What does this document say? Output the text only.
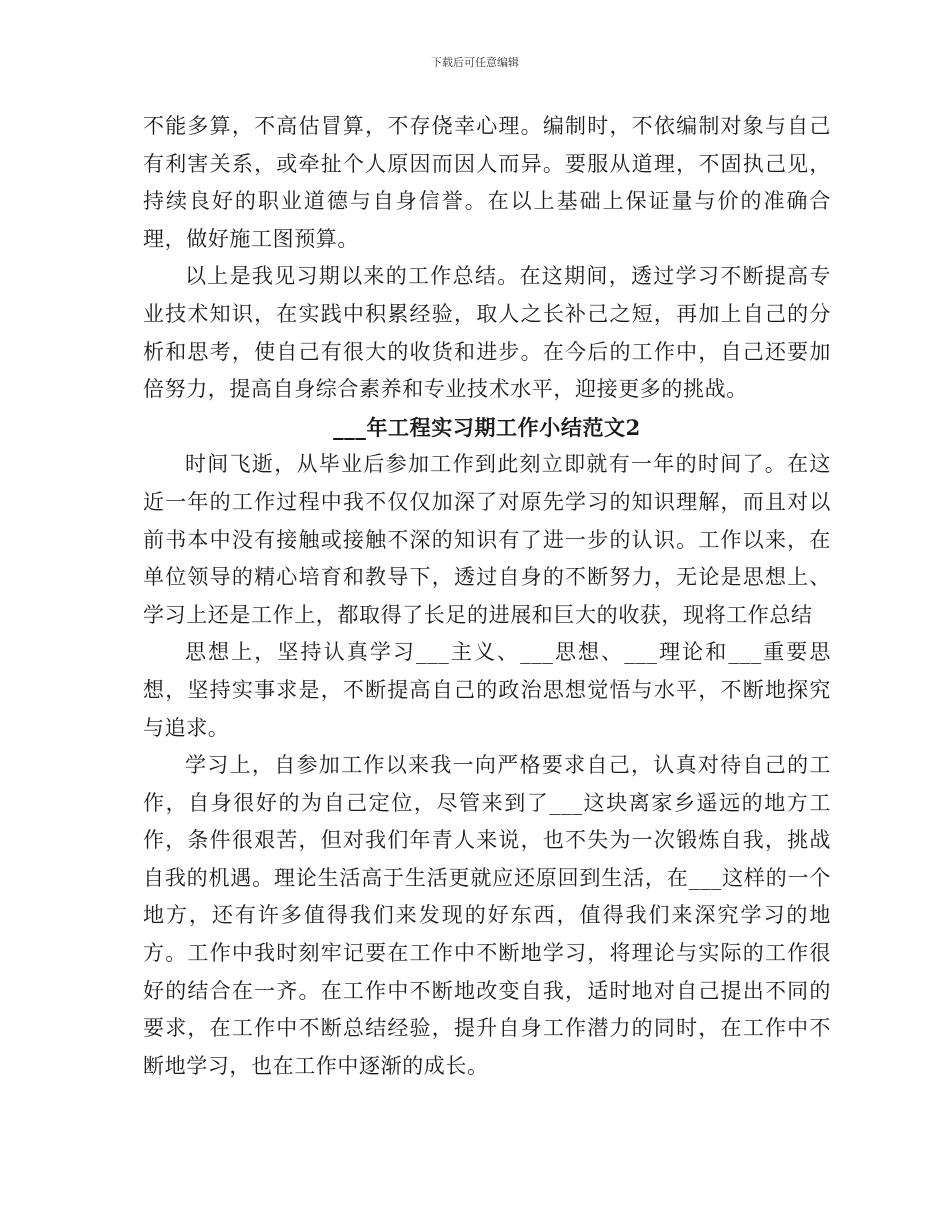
下载后可任意编辑

不能多算，不高估冒算，不存侥幸心理。编制时，不依编制对象与自己有利害关系，或牵扯个人原因而因人而异。要服从道理，不固执己见，持续良好的职业道德与自身信誉。在以上基础上保证量与价的准确合理，做好施工图预算。

以上是我见习期以来的工作总结。在这期间，透过学习不断提高专业技术知识，在实践中积累经验，取人之长补己之短，再加上自己的分析和思考，使自己有很大的收货和进步。在今后的工作中，自己还要加倍努力，提高自身综合素养和专业技术水平，迎接更多的挑战。

___年工程实习期工作小结范文2

时间飞逝，从毕业后参加工作到此刻立即就有一年的时间了。在这近一年的工作过程中我不仅仅加深了对原先学习的知识理解，而且对以前书本中没有接触或接触不深的知识有了进一步的认识。工作以来，在单位领导的精心培育和教导下，透过自身的不断努力，无论是思想上、学习上还是工作上，都取得了长足的进展和巨大的收获，现将工作总结

思想上，坚持认真学习___主义、___思想、___理论和___重要思想，坚持实事求是，不断提高自己的政治思想觉悟与水平，不断地探究与追求。

学习上，自参加工作以来我一向严格要求自己，认真对待自己的工作，自身很好的为自己定位，尽管来到了___这块离家乡遥远的地方工作，条件很艰苦，但对我们年青人来说，也不失为一次锻炼自我，挑战自我的机遇。理论生活高于生活更就应还原回到生活，在___这样的一个地方，还有许多值得我们来发现的好东西，值得我们来深究学习的地方。工作中我时刻牢记要在工作中不断地学习，将理论与实际的工作很好的结合在一齐。在工作中不断地改变自我，适时地对自己提出不同的要求，在工作中不断总结经验，提升自身工作潜力的同时，在工作中不断地学习，也在工作中逐渐的成长。
